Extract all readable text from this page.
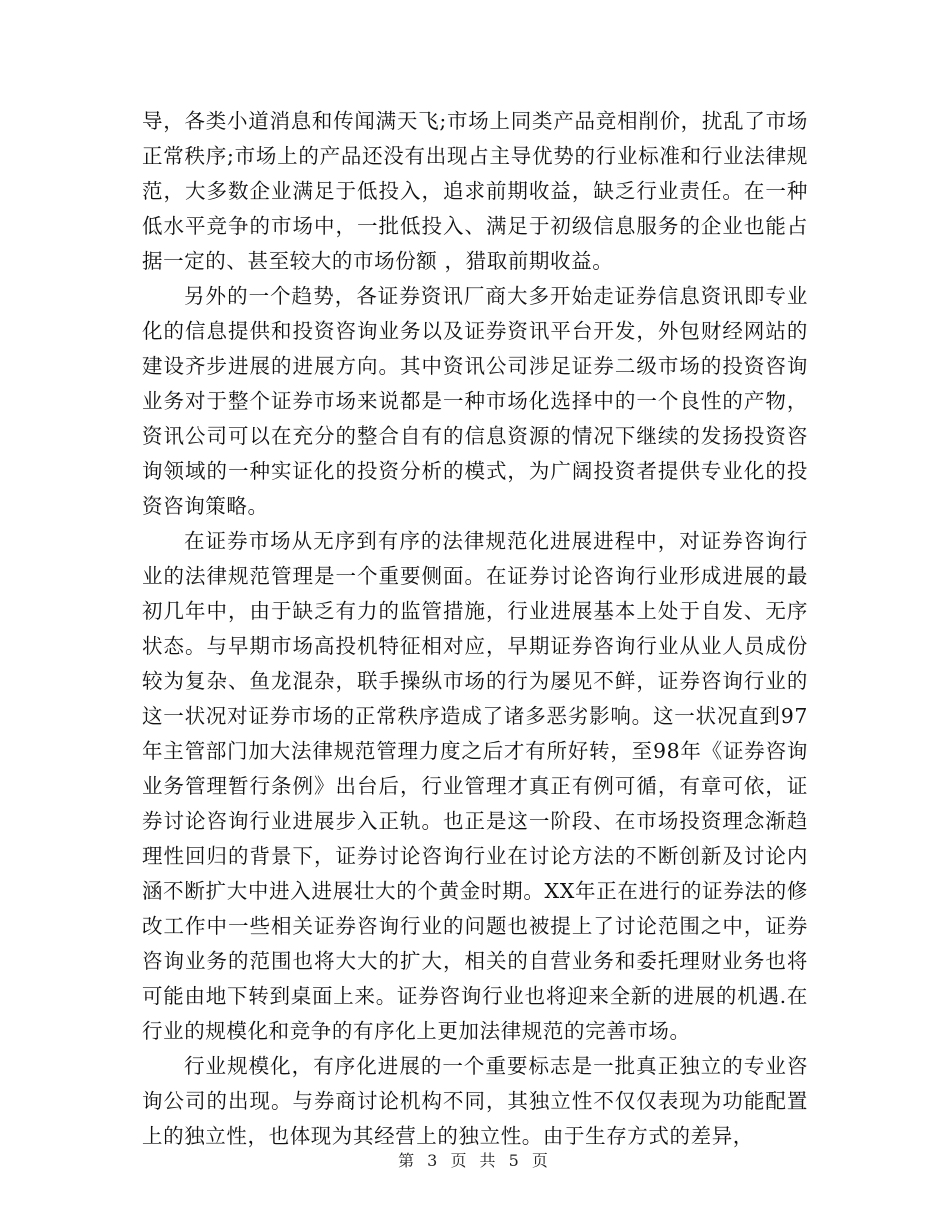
导，各类小道消息和传闻满天飞;市场上同类产品竞相削价，扰乱了市场正常秩序;市场上的产品还没有出现占主导优势的行业标准和行业法律规范，大多数企业满足于低投入，追求前期收益，缺乏行业责任。在一种低水平竞争的市场中，一批低投入、满足于初级信息服务的企业也能占据一定的、甚至较大的市场份额 ，猎取前期收益。

另外的一个趋势，各证券资讯厂商大多开始走证券信息资讯即专业化的信息提供和投资咨询业务以及证券资讯平台开发，外包财经网站的建设齐步进展的进展方向。其中资讯公司涉足证券二级市场的投资咨询业务对于整个证券市场来说都是一种市场化选择中的一个良性的产物，资讯公司可以在充分的整合自有的信息资源的情况下继续的发扬投资咨询领域的一种实证化的投资分析的模式，为广阔投资者提供专业化的投资咨询策略。

在证券市场从无序到有序的法律规范化进展进程中，对证券咨询行业的法律规范管理是一个重要侧面。在证券讨论咨询行业形成进展的最初几年中，由于缺乏有力的监管措施，行业进展基本上处于自发、无序状态。与早期市场高投机特征相对应，早期证券咨询行业从业人员成份较为复杂、鱼龙混杂，联手操纵市场的行为屡见不鲜，证券咨询行业的这一状况对证券市场的正常秩序造成了诸多恶劣影响。这一状况直到97年主管部门加大法律规范管理力度之后才有所好转，至98年《证券咨询业务管理暂行条例》出台后，行业管理才真正有例可循，有章可依，证券讨论咨询行业进展步入正轨。也正是这一阶段、在市场投资理念渐趋理性回归的背景下，证券讨论咨询行业在讨论方法的不断创新及讨论内涵不断扩大中进入进展壮大的个黄金时期。XX年正在进行的证券法的修改工作中一些相关证券咨询行业的问题也被提上了讨论范围之中，证券咨询业务的范围也将大大的扩大，相关的自营业务和委托理财业务也将可能由地下转到桌面上来。证券咨询行业也将迎来全新的进展的机遇.在行业的规模化和竞争的有序化上更加法律规范的完善市场。

行业规模化，有序化进展的一个重要标志是一批真正独立的专业咨询公司的出现。与券商讨论机构不同，其独立性不仅仅表现为功能配置上的独立性，也体现为其经营上的独立性。由于生存方式的差异，

第 3 页 共 5 页
